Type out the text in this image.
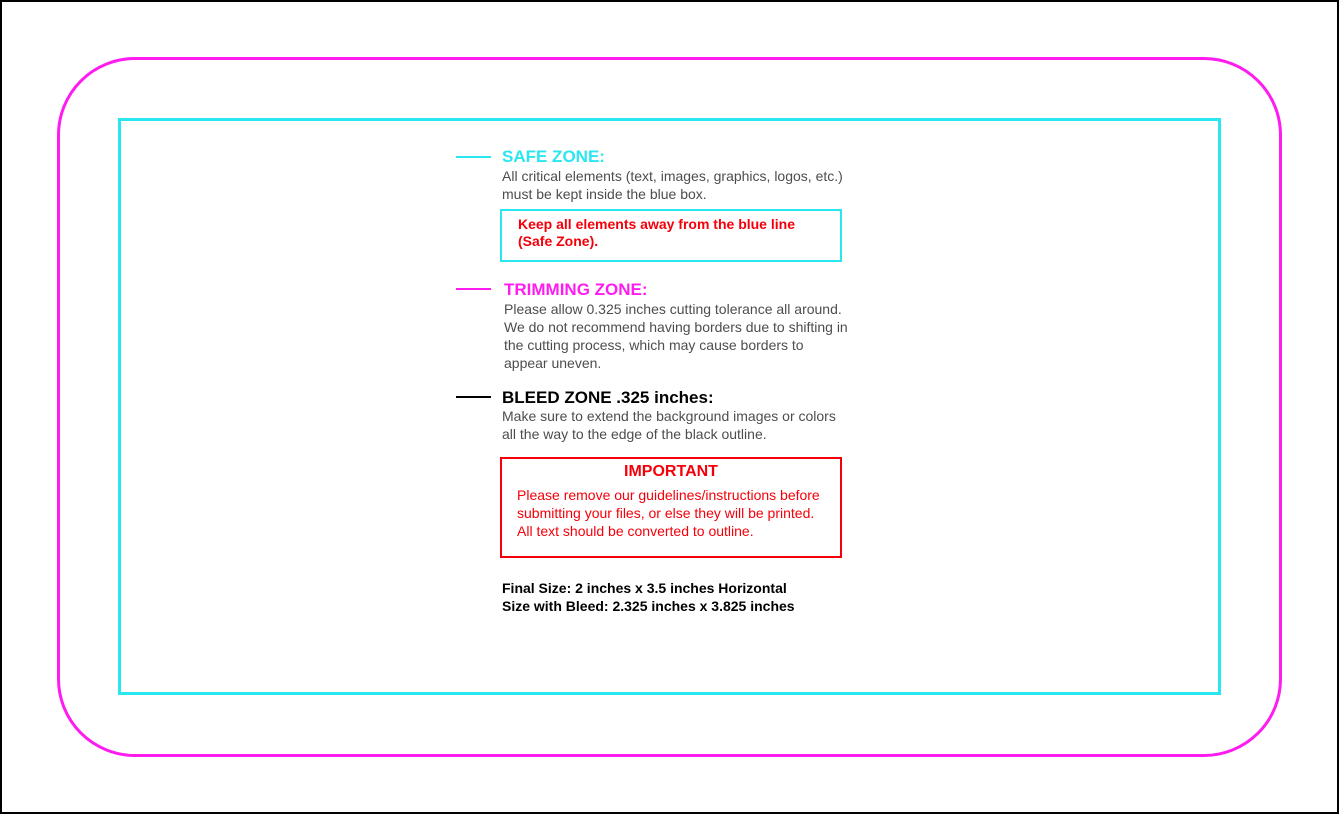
SAFE ZONE:
All critical elements (text, images, graphics, logos, etc.)
must be kept inside the blue box.
Keep all elements away from the blue line
(Safe Zone).
TRIMMING ZONE:
Please allow 0.325 inches cutting tolerance all around.
We do not recommend having borders due to shifting in
the cutting process, which may cause borders to
appear uneven.
BLEED ZONE .325 inches:
Make sure to extend the background images or colors
all the way to the edge of the black outline.
IMPORTANT
Please remove our guidelines/instructions before
submitting your files, or else they will be printed.
All text should be converted to outline.
Final Size: 2 inches x 3.5 inches Horizontal
Size with Bleed: 2.325 inches x 3.825 inches
